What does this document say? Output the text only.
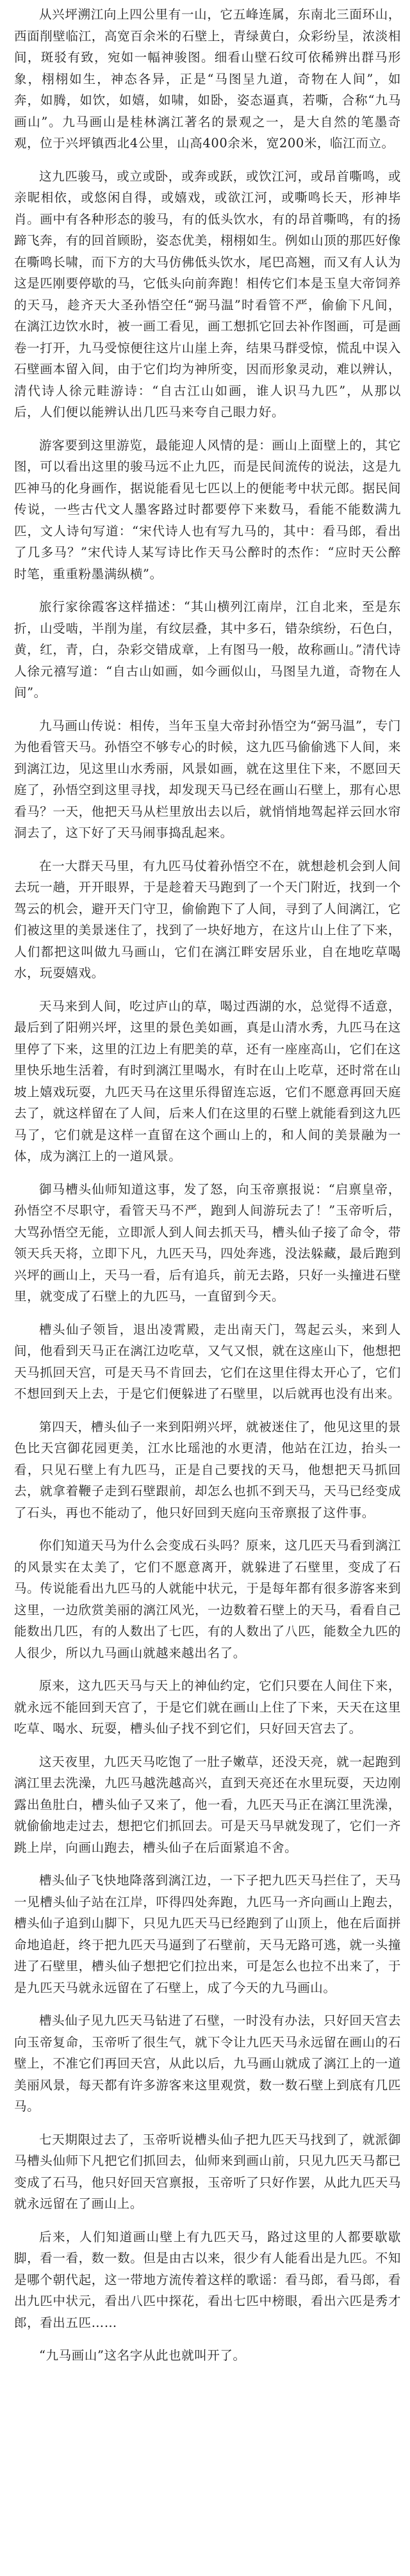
从兴坪溯江向上四公里有一山，它五峰连属，东南北三面环山，西面削壁临江，高宽百余米的石壁上，青绿黄白，众彩纷呈，浓淡相间，斑驳有致，宛如一幅神骏图。细看山壁石纹可依稀辨出群马形象，栩栩如生，神态各异，正是“马图呈九道，奇物在人间”，如奔，如腾，如饮，如嬉，如啸，如卧，姿态逼真，若嘶，合称“九马画山”。九马画山是桂林漓江著名的景观之一，是大自然的笔墨奇观，位于兴坪镇西北4公里，山高400余米，宽200米，临江而立。

这九匹骏马，或立或卧，或奔或跃，或饮江河，或昂首嘶鸣，或亲昵相依，或悠闲自得，或嬉戏，或欲江河，或嘶鸣长天，形神毕肖。画中有各种形态的骏马，有的低头饮水，有的昂首嘶鸣，有的扬蹄飞奔，有的回首顾盼，姿态优美，栩栩如生。例如山顶的那匹好像在嘶鸣长啸，而下方的大马仿佛低头饮水，尾巴高翘，而又有人认为这是匹刚要停歇的马，它低头向前奔跑！相传它们本是玉皇大帝饲养的天马，趁齐天大圣孙悟空任“弼马温”时看管不严，偷偷下凡间，在漓江边饮水时，被一画工看见，画工想抓它回去补作图画，可是画卷一打开，九马受惊便往这片山崖上奔，结果马群受惊，慌乱中误入石壁画本留入间，由于它们均为神所变，因而形象灵动，难以辨认，清代诗人徐元畦游诗：“自古江山如画，谁人识马九匹”，从那以后，人们便以能辨认出几匹马来夸自己眼力好。

游客要到这里游览，最能迎人风情的是：画山上面壁上的，其它图，可以看出这里的骏马远不止九匹，而是民间流传的说法，这是九匹神马的化身画作，据说能看见七匹以上的便能考中状元郎。据民间传说，一些古代文人墨客路过时都要停下来数马，看能不能数满九匹，文人诗句写道：“宋代诗人也有写九马的，其中：看马郎，看出了几多马？”宋代诗人某写诗比作天马公醉时的杰作：“应时天公醉时笔，重重粉墨满纵横”。

旅行家徐霞客这样描述：“其山横列江南岸，江自北来，至是东折，山受啮，半削为崖，有纹层叠，其中多石，错杂缤纷，石色白，黄，红，青，白，杂彩交错成章，上有图马一般，故称画山。”清代诗人徐元禧写道：“自古山如画，如今画似山，马图呈九道，奇物在人间”。

九马画山传说：相传，当年玉皇大帝封孙悟空为“弼马温”，专门为他看管天马。孙悟空不够专心的时候，这九匹马偷偷逃下人间，来到漓江边，见这里山水秀丽，风景如画，就在这里住下来，不愿回天庭了，孙悟空到这里寻找，却发现天马已经在画山石壁上，那有心思看马？一天，他把天马从栏里放出去以后，就悄悄地驾起祥云回水帘洞去了，这下好了天马闹事捣乱起来。

在一大群天马里，有九匹马仗着孙悟空不在，就想趁机会到人间去玩一趟，开开眼界，于是趁着天马跑到了一个天门附近，找到一个驾云的机会，避开天门守卫，偷偷跑下了人间，寻到了人间漓江，它们被这里的美景迷住了，找到了一块好地方，在这片山上住了下来，人们都把这叫做九马画山，它们在漓江畔安居乐业，自在地吃草喝水，玩耍嬉戏。

天马来到人间，吃过庐山的草，喝过西湖的水，总觉得不适意，最后到了阳朔兴坪，这里的景色美如画，真是山清水秀，九匹马在这里停了下来，这里的江边上有肥美的草，还有一座座高山，它们在这里快乐地生活着，有时到漓江里喝水，有时在山上吃草，还时常在山坡上嬉戏玩耍，九匹天马在这里乐得留连忘返，它们不愿意再回天庭去了，就这样留在了人间，后来人们在这里的石壁上就能看到这九匹马了，它们就是这样一直留在这个画山上的，和人间的美景融为一体，成为漓江上的一道风景。

御马槽头仙师知道这事，发了怒，向玉帝禀报说：“启禀皇帝，孙悟空不尽职守，看管天马不严，跑到人间游玩去了！”玉帝听后，大骂孙悟空无能，立即派人到人间去抓天马，槽头仙子接了命令，带领天兵天将，立即下凡，九匹天马，四处奔逃，没法躲藏，最后跑到兴坪的画山上，天马一看，后有追兵，前无去路，只好一头撞进石壁里，就变成了石壁上的九匹马，一直留到今天。

槽头仙子领旨，退出凌霄殿，走出南天门，驾起云头，来到人间，他看到天马正在漓江边吃草，又气又恨，就在这座山下，他想把天马抓回天宫，可是天马不肯回去，它们在这里住得太开心了，它们不想回到天上去，于是它们便躲进了石壁里，以后就再也没有出来。

第四天，槽头仙子一来到阳朔兴坪，就被迷住了，他见这里的景色比天宫御花园更美，江水比瑶池的水更清，他站在江边，抬头一看，只见石壁上有九匹马，正是自己要找的天马，他想把天马抓回去，就拿着鞭子走到石壁跟前，却怎么也抓不到天马，天马已经变成了石头，再也不能动了，他只好回到天庭向玉帝禀报了这件事。

你们知道天马为什么会变成石头吗？原来，这几匹天马看到漓江的风景实在太美了，它们不愿意离开，就躲进了石壁里，变成了石马。传说能看出九匹马的人就能中状元，于是每年都有很多游客来到这里，一边欣赏美丽的漓江风光，一边数着石壁上的天马，看看自己能数出几匹，有的人数出了七匹，有的人数出了八匹，能数全九匹的人很少，所以九马画山就越来越出名了。

原来，这九匹天马与天上的神仙约定，它们只要在人间住下来，就永远不能回到天宫了，于是它们就在画山上住了下来，天天在这里吃草、喝水、玩耍，槽头仙子找不到它们，只好回天宫去了。

这天夜里，九匹天马吃饱了一肚子嫩草，还没天亮，就一起跑到漓江里去洗澡，九匹马越洗越高兴，直到天亮还在水里玩耍，天边刚露出鱼肚白，槽头仙子又来了，他一看，九匹天马正在漓江里洗澡，就偷偷地走过去，想把它们抓回去。可是天马早就发现了，它们一齐跳上岸，向画山跑去，槽头仙子在后面紧追不舍。

槽头仙子飞快地降落到漓江边，一下子把九匹天马拦住了，天马一见槽头仙子站在江岸，吓得四处奔跑，九匹马一齐向画山上跑去，槽头仙子追到山脚下，只见九匹天马已经跑到了山顶上，他在后面拼命地追赶，终于把九匹天马逼到了石壁前，天马无路可逃，就一头撞进了石壁里，槽头仙子想把它们拉出来，可是怎么也拉不出来了，于是九匹天马就永远留在了石壁上，成了今天的九马画山。

槽头仙子见九匹天马钻进了石壁，一时没有办法，只好回天宫去向玉帝复命，玉帝听了很生气，就下令让九匹天马永远留在画山的石壁上，不准它们再回天宫，从此以后，九马画山就成了漓江上的一道美丽风景，每天都有许多游客来这里观赏，数一数石壁上到底有几匹马。

七天期限过去了，玉帝听说槽头仙子把九匹天马找到了，就派御马槽头仙师下凡把它们抓回去，仙师来到画山前，只见九匹天马都已变成了石马，他只好回天宫禀报，玉帝听了只好作罢，从此九匹天马就永远留在了画山上。

后来，人们知道画山壁上有九匹天马，路过这里的人都要歇歇脚，看一看，数一数。但是由古以来，很少有人能看出是九匹。不知是哪个朝代起，这一带地方流传着这样的歌谣：看马郎，看马郎，看出九匹中状元，看出八匹中探花，看出七匹中榜眼，看出六匹是秀才郎，看出五匹……

“九马画山”这名字从此也就叫开了。
